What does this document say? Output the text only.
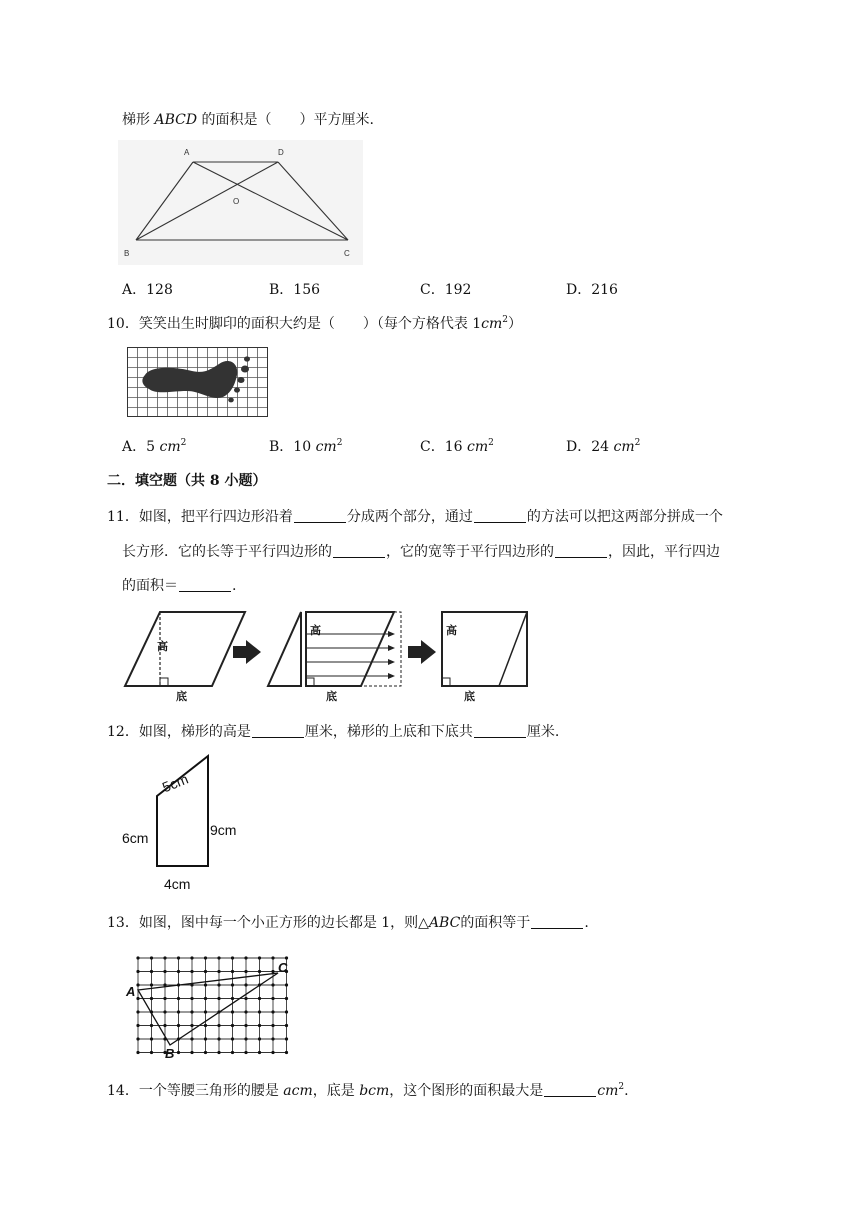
梯形 ABCD 的面积是（　　）平方厘米.
A	D
O
B	C
A．128	B．156	C．192	D．216
10．笑笑出生时脚印的面积大约是（　　）（每个方格代表 $1cm^2$）
A．5 $cm^2$	B．10 $cm^2$	C．16 $cm^2$	D．24 $cm^2$
二．填空题（共 8 小题）
11．如图，把平行四边形沿着	分成两个部分，通过	的方法可以把这两部分拼成一个
长方形．它的长等于平行四边形的	，它的宽等于平行四边形的	，因此，平行四边
的面积＝	.
高
底
高
底
高
底
12．如图，梯形的高是	厘米，梯形的上底和下底共	厘米.
5cm
6cm	9cm
4cm
13．如图，图中每一个小正方形的边长都是 1，则△ABC的面积等于	.
A
B
C
14．一个等腰三角形的腰是 acm，底是 bcm，这个图形的面积最大是	$cm^2$.
